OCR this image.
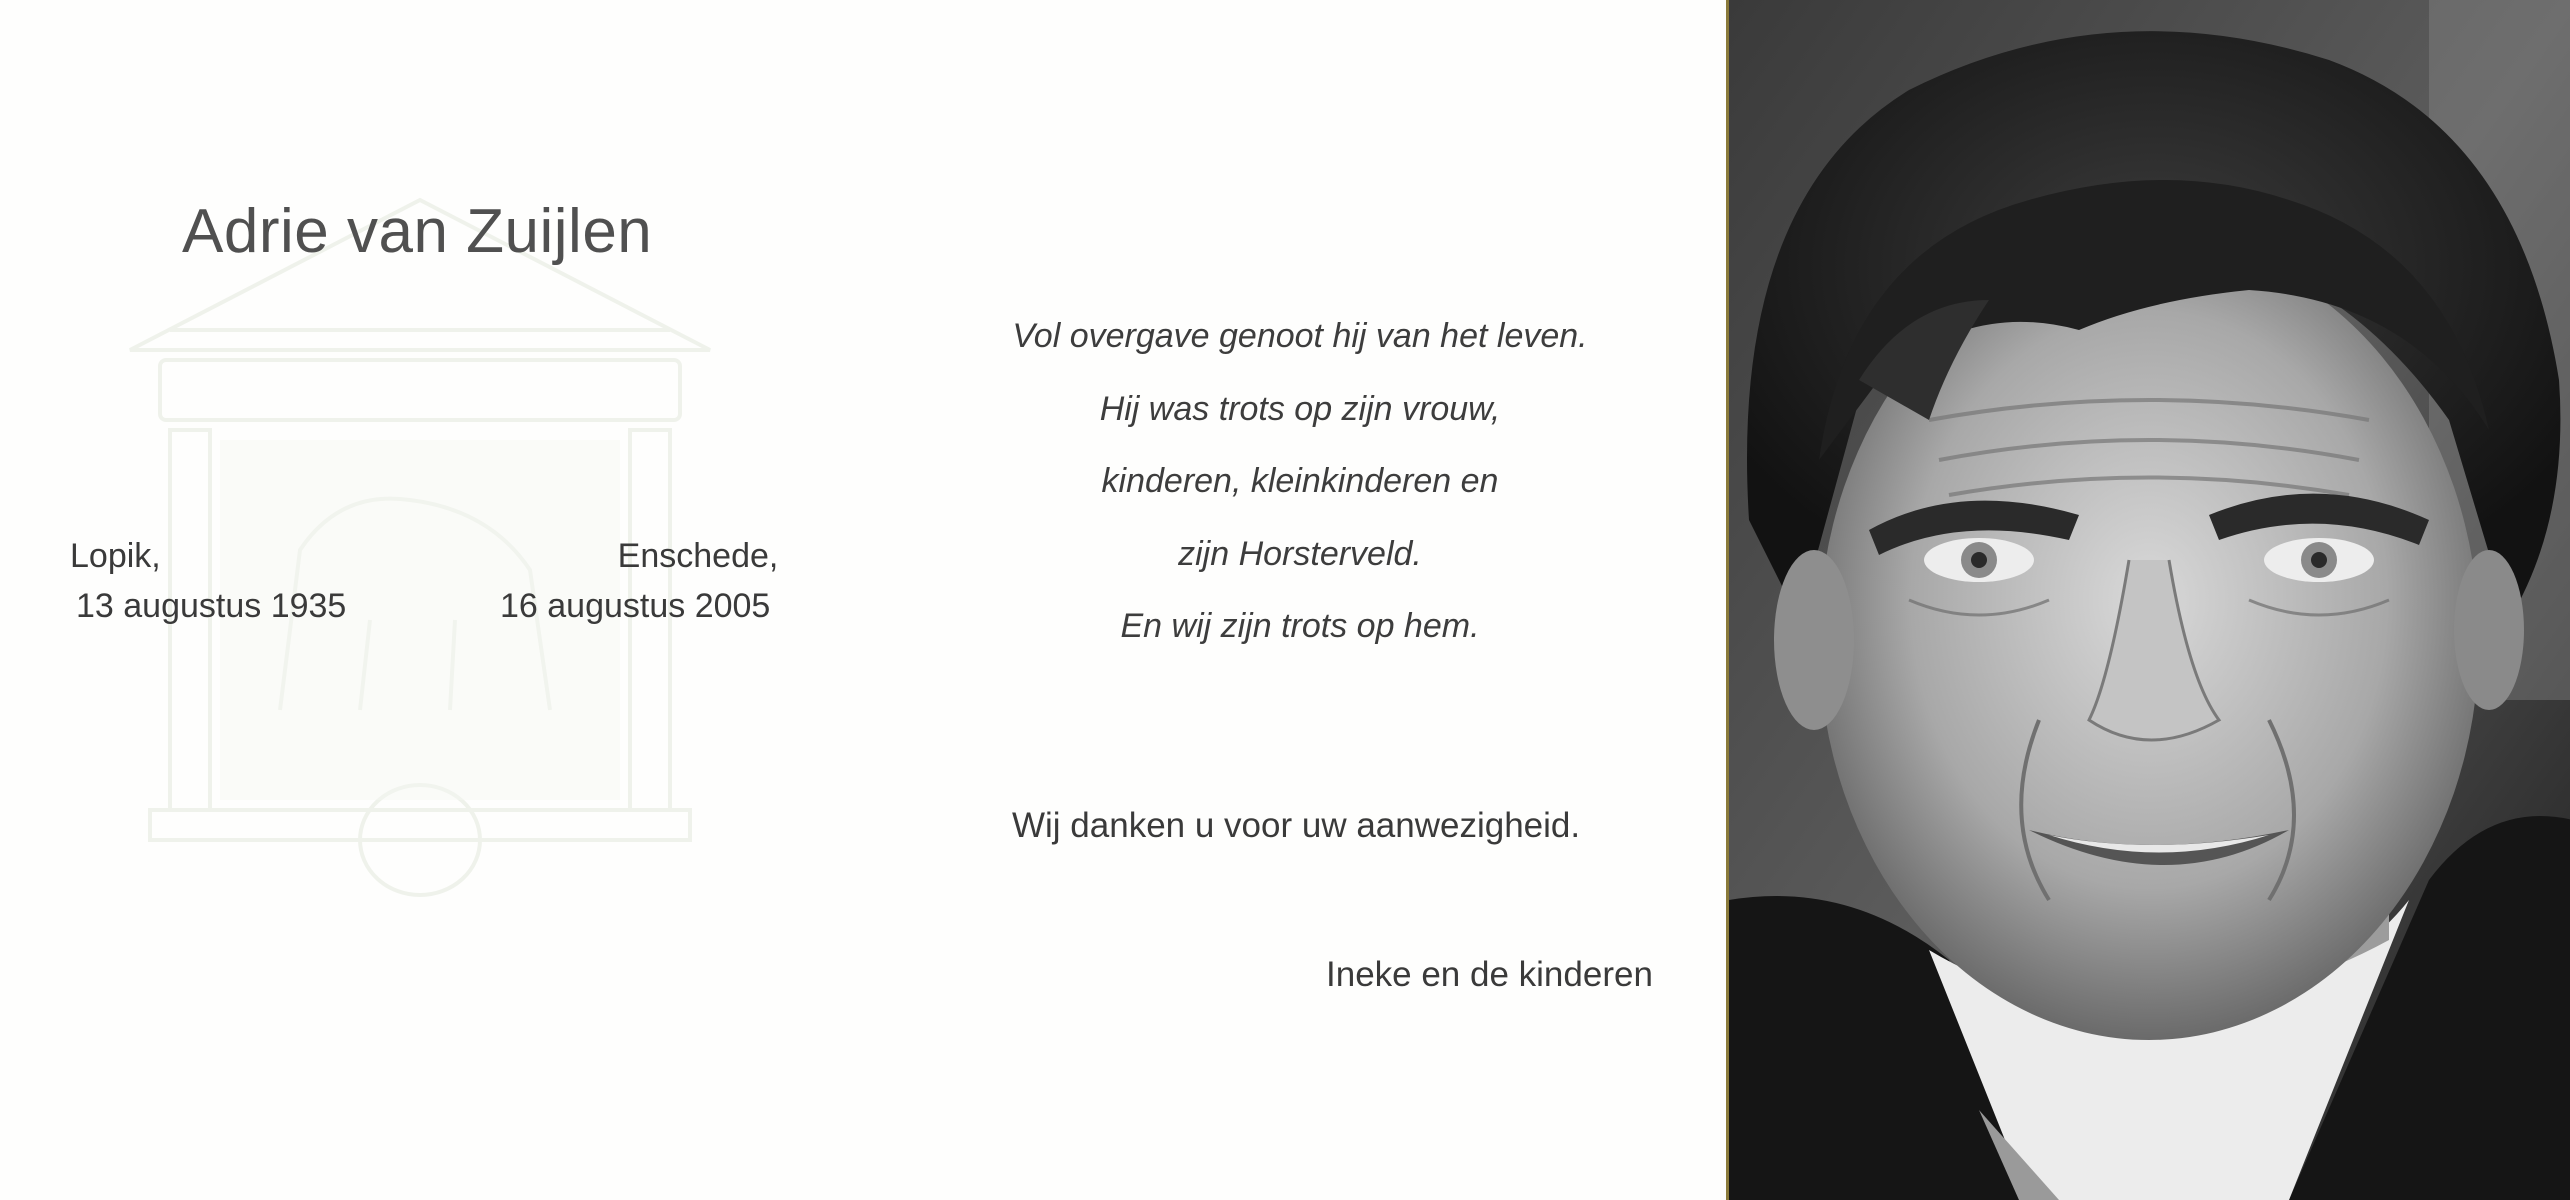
Adrie van Zuijlen
Lopik,
13 augustus 1935
Enschede,
16 augustus 2005
Vol overgave genoot hij van het leven.
Hij was trots op zijn vrouw,
kinderen, kleinkinderen en
zijn Horsterveld.
En wij zijn trots op hem.
Wij danken u voor uw aanwezigheid.
Ineke en de kinderen
